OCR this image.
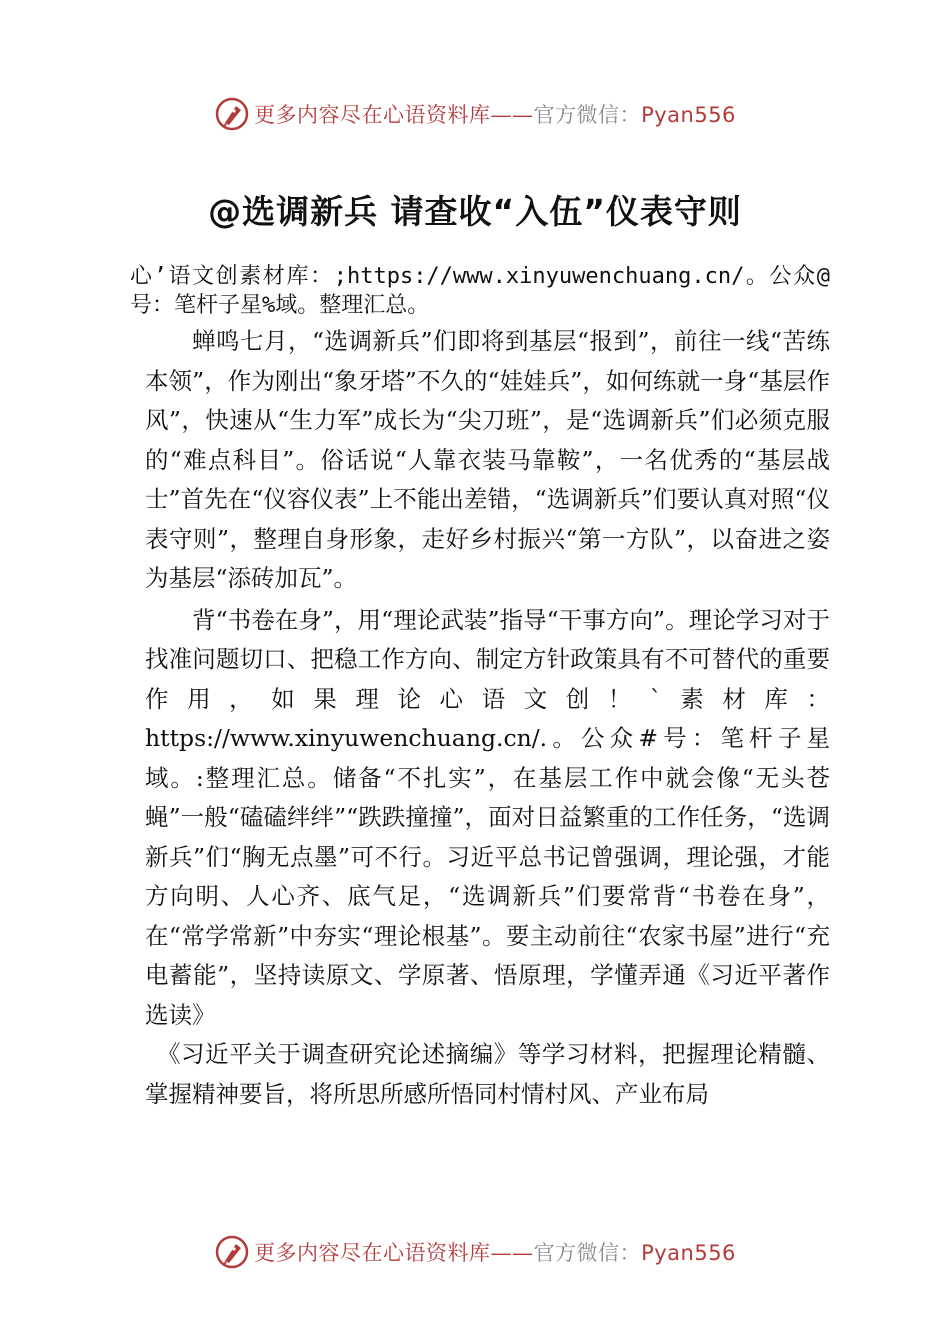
更多内容尽在心语资料库——官方微信：Pyan556
@选调新兵 请查收“入伍”仪表守则

心’语文创素材库：;https://www.xinyuwenchuang.cn/。公众@号：笔杆子星%域。整理汇总。

蝉鸣七月，“选调新兵”们即将到基层“报到”，前往一线“苦练本领”，作为刚出“象牙塔”不久的“娃娃兵”，如何练就一身“基层作风”，快速从“生力军”成长为“尖刀班”，是“选调新兵”们必须克服的“难点科目”。俗话说“人靠衣装马靠鞍”，一名优秀的“基层战士”首先在“仪容仪表”上不能出差错，“选调新兵”们要认真对照“仪表守则”，整理自身形象，走好乡村振兴“第一方队”，以奋进之姿为基层“添砖加瓦”。

背“书卷在身”，用“理论武装”指导“干事方向”。理论学习对于找准问题切口、把稳工作方向、制定方针政策具有不可替代的重要作用，如果理论心语文创！`素材库：https://www.xinyuwenchuang.cn/.。公众#号：笔杆子星域。:整理汇总。储备“不扎实”，在基层工作中就会像“无头苍蝇”一般“磕磕绊绊”“跌跌撞撞”，面对日益繁重的工作任务，“选调新兵”们“胸无点墨”可不行。习近平总书记曾强调，理论强，才能方向明、人心齐、底气足，“选调新兵”们要常背“书卷在身”，在“常学常新”中夯实“理论根基”。要主动前往“农家书屋”进行“充电蓄能”，坚持读原文、学原著、悟原理，学懂弄通《习近平著作选读》

《习近平关于调查研究论述摘编》等学习材料，把握理论精髓、掌握精神要旨，将所思所感所悟同村情村风、产业布局

更多内容尽在心语资料库——官方微信：Pyan556
